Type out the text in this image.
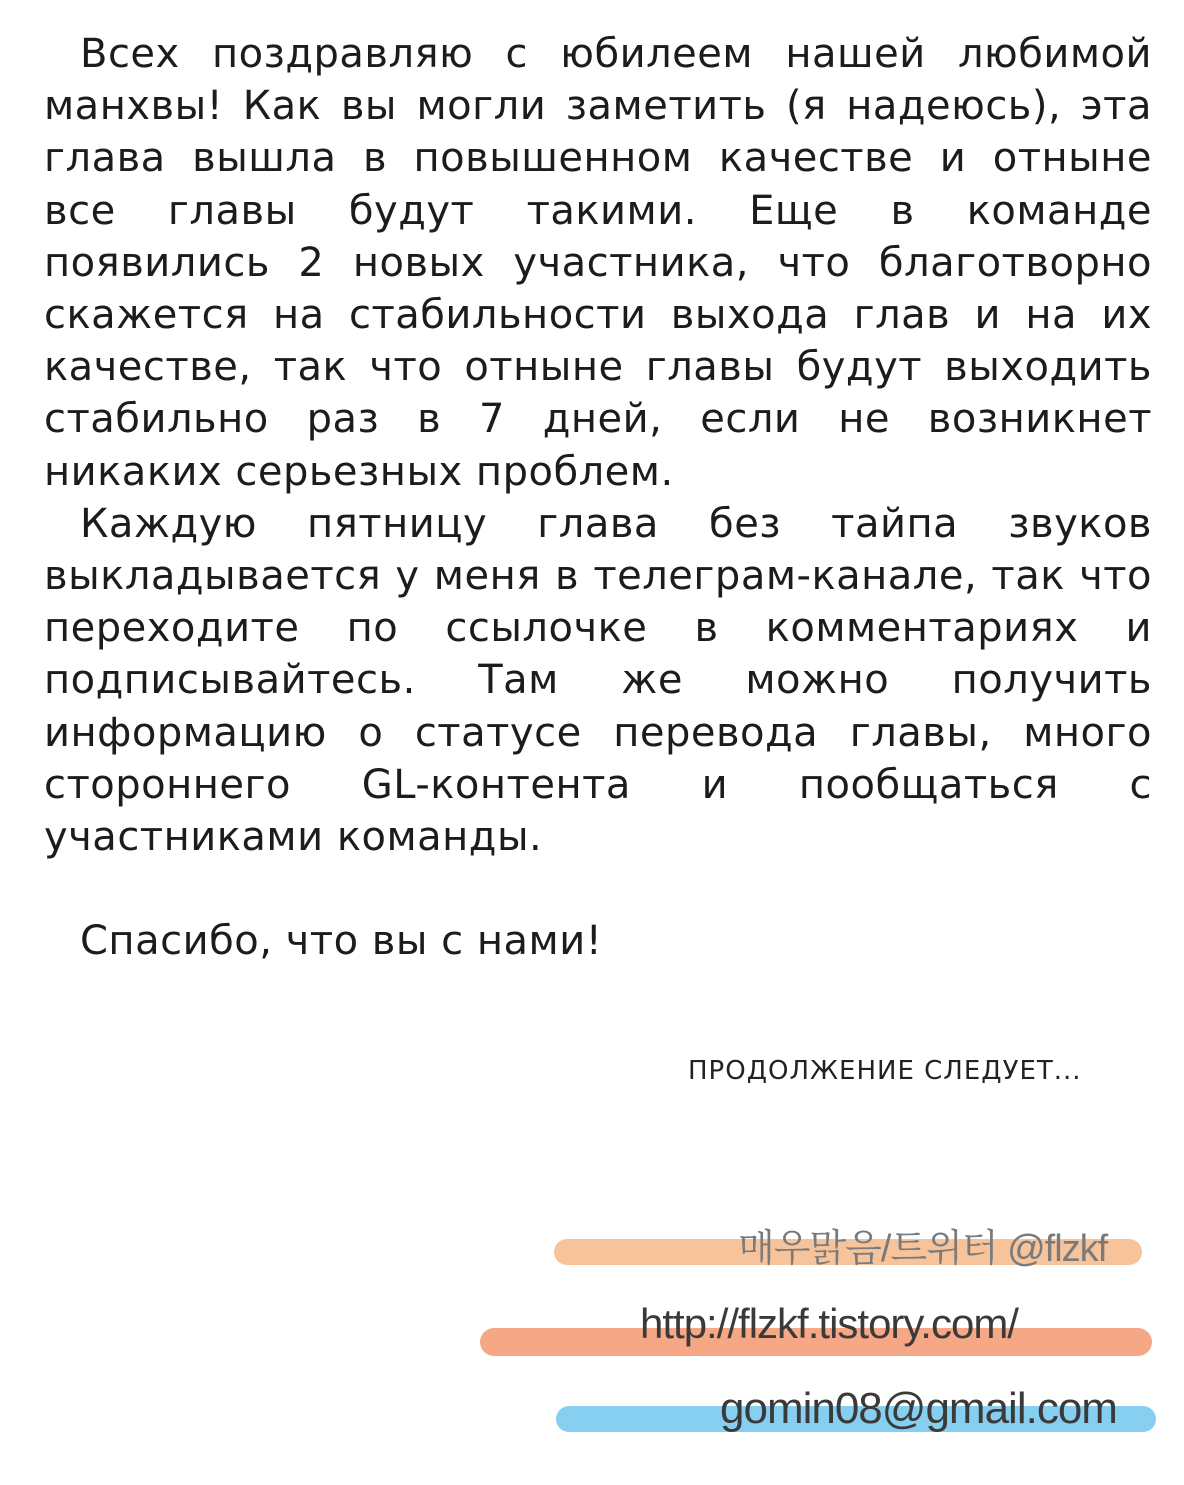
Всех поздравляю с юбилеем нашей любимой манхвы! Как вы могли заметить (я надеюсь), эта глава вышла в повышенном качестве и отныне все главы будут такими. Еще в команде появились 2 новых участника, что благотворно скажется на стабильности выхода глав и на их качестве, так что отныне главы будут выходить стабильно раз в 7 дней, если не возникнет никаких серьезных проблем.

Каждую пятницу глава без тайпа звуков выкладывается у меня в телеграм-канале, так что переходите по ссылочке в комментариях и подписывайтесь. Там же можно получить информацию о статусе перевода главы, много стороннего GL-контента и пообщаться с участниками команды.

Спасибо, что вы с нами!

ПРОДОЛЖЕНИЕ СЛЕДУЕТ...
매우맑음/트위터 @flzkf
http://flzkf.tistory.com/
gomin08@gmail.com
